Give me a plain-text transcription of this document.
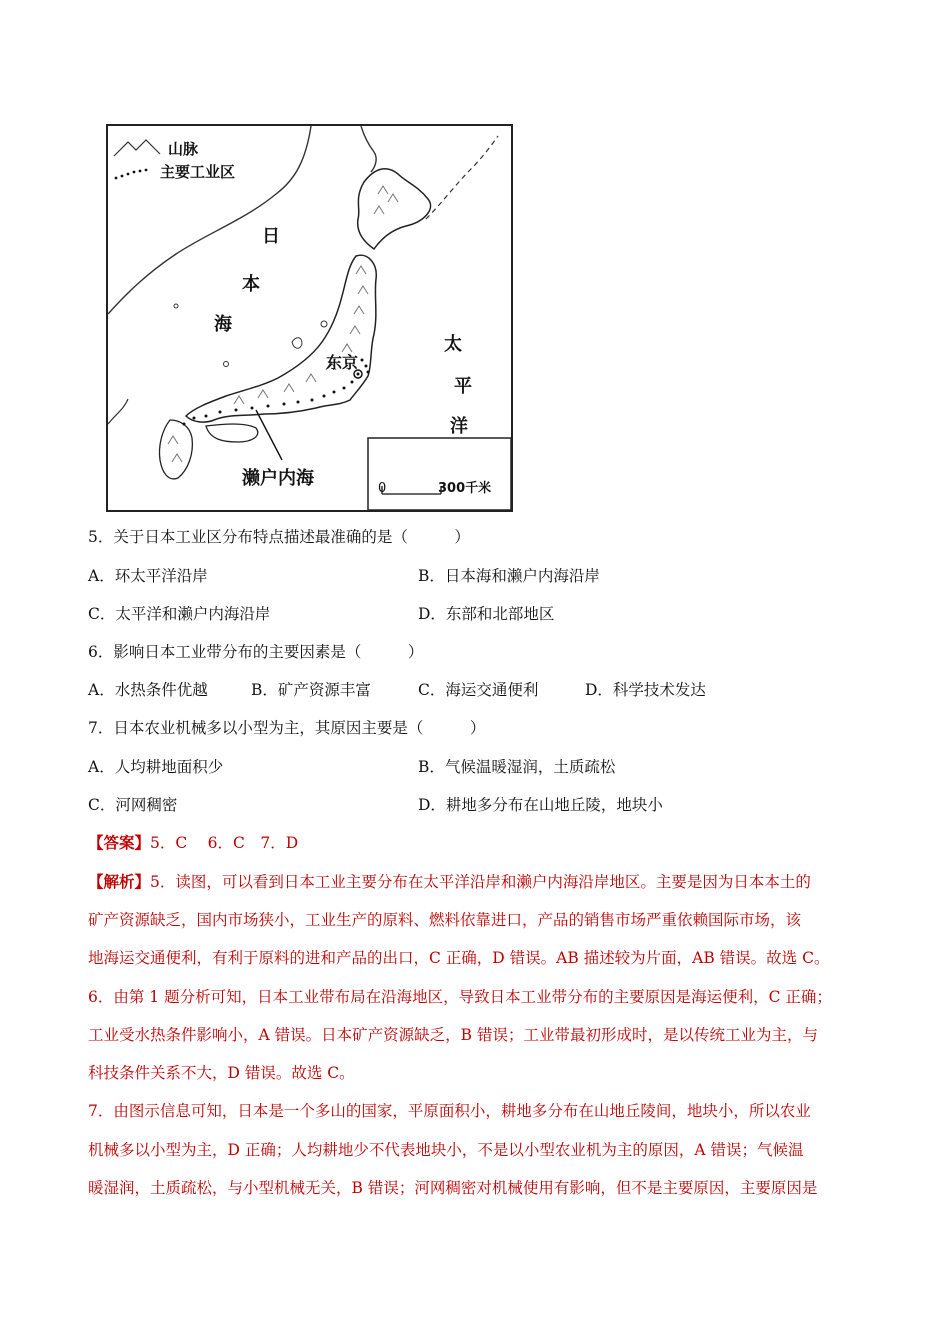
山脉
主要工业区
日
本
海
太
平
洋
东京
濑户内海	0	300千米
5．关于日本工业区分布特点描述最准确的是（　　　）
A．环太平洋沿岸	B．日本海和濑户内海沿岸
C．太平洋和濑户内海沿岸	D．东部和北部地区
6．影响日本工业带分布的主要因素是（　　　）
A．水热条件优越	B．矿产资源丰富	C．海运交通便利	D．科学技术发达
7．日本农业机械多以小型为主，其原因主要是（　　　）
A．人均耕地面积少	B．气候温暖湿润，土质疏松
C．河网稠密	D．耕地多分布在山地丘陵，地块小
【答案】5．C　 6．C　7．D
【解析】5．读图，可以看到日本工业主要分布在太平洋沿岸和濑户内海沿岸地区。主要是因为日本本土的
矿产资源缺乏，国内市场狭小，工业生产的原料、燃料依靠进口，产品的销售市场严重依赖国际市场，该
地海运交通便利，有利于原料的进和产品的出口，C 正确，D 错误。AB 描述较为片面，AB 错误。故选 C。
6．由第 1 题分析可知，日本工业带布局在沿海地区，导致日本工业带分布的主要原因是海运便利，C 正确；
工业受水热条件影响小，A 错误。日本矿产资源缺乏，B 错误；工业带最初形成时，是以传统工业为主，与
科技条件关系不大，D 错误。故选 C。
7．由图示信息可知，日本是一个多山的国家，平原面积小，耕地多分布在山地丘陵间，地块小，所以农业
机械多以小型为主，D 正确；人均耕地少不代表地块小，不是以小型农业机为主的原因，A 错误；气候温
暖湿润，土质疏松，与小型机械无关，B 错误；河网稠密对机械使用有影响，但不是主要原因，主要原因是
